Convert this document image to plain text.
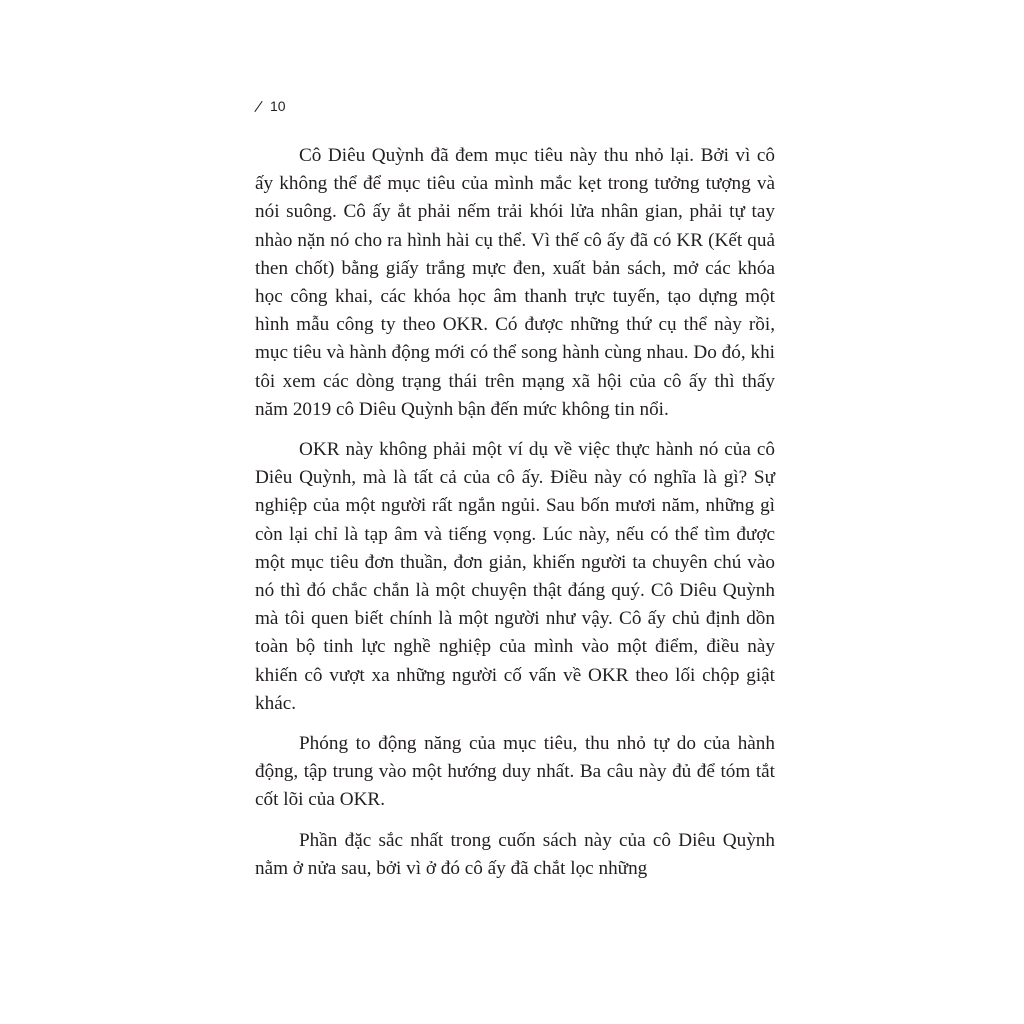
10

Cô Diêu Quỳnh đã đem mục tiêu này thu nhỏ lại. Bởi vì cô ấy không thể để mục tiêu của mình mắc kẹt trong tưởng tượng và nói suông. Cô ấy ắt phải nếm trải khói lửa nhân gian, phải tự tay nhào nặn nó cho ra hình hài cụ thể. Vì thế cô ấy đã có KR (Kết quả then chốt) bằng giấy trắng mực đen, xuất bản sách, mở các khóa học công khai, các khóa học âm thanh trực tuyến, tạo dựng một hình mẫu công ty theo OKR. Có được những thứ cụ thể này rồi, mục tiêu và hành động mới có thể song hành cùng nhau. Do đó, khi tôi xem các dòng trạng thái trên mạng xã hội của cô ấy thì thấy năm 2019 cô Diêu Quỳnh bận đến mức không tin nổi.

OKR này không phải một ví dụ về việc thực hành nó của cô Diêu Quỳnh, mà là tất cả của cô ấy. Điều này có nghĩa là gì? Sự nghiệp của một người rất ngắn ngủi. Sau bốn mươi năm, những gì còn lại chỉ là tạp âm và tiếng vọng. Lúc này, nếu có thể tìm được một mục tiêu đơn thuần, đơn giản, khiến người ta chuyên chú vào nó thì đó chắc chắn là một chuyện thật đáng quý. Cô Diêu Quỳnh mà tôi quen biết chính là một người như vậy. Cô ấy chủ định dồn toàn bộ tinh lực nghề nghiệp của mình vào một điểm, điều này khiến cô vượt xa những người cố vấn về OKR theo lối chộp giật khác.

Phóng to động năng của mục tiêu, thu nhỏ tự do của hành động, tập trung vào một hướng duy nhất. Ba câu này đủ để tóm tắt cốt lõi của OKR.

Phần đặc sắc nhất trong cuốn sách này của cô Diêu Quỳnh nằm ở nửa sau, bởi vì ở đó cô ấy đã chắt lọc những
